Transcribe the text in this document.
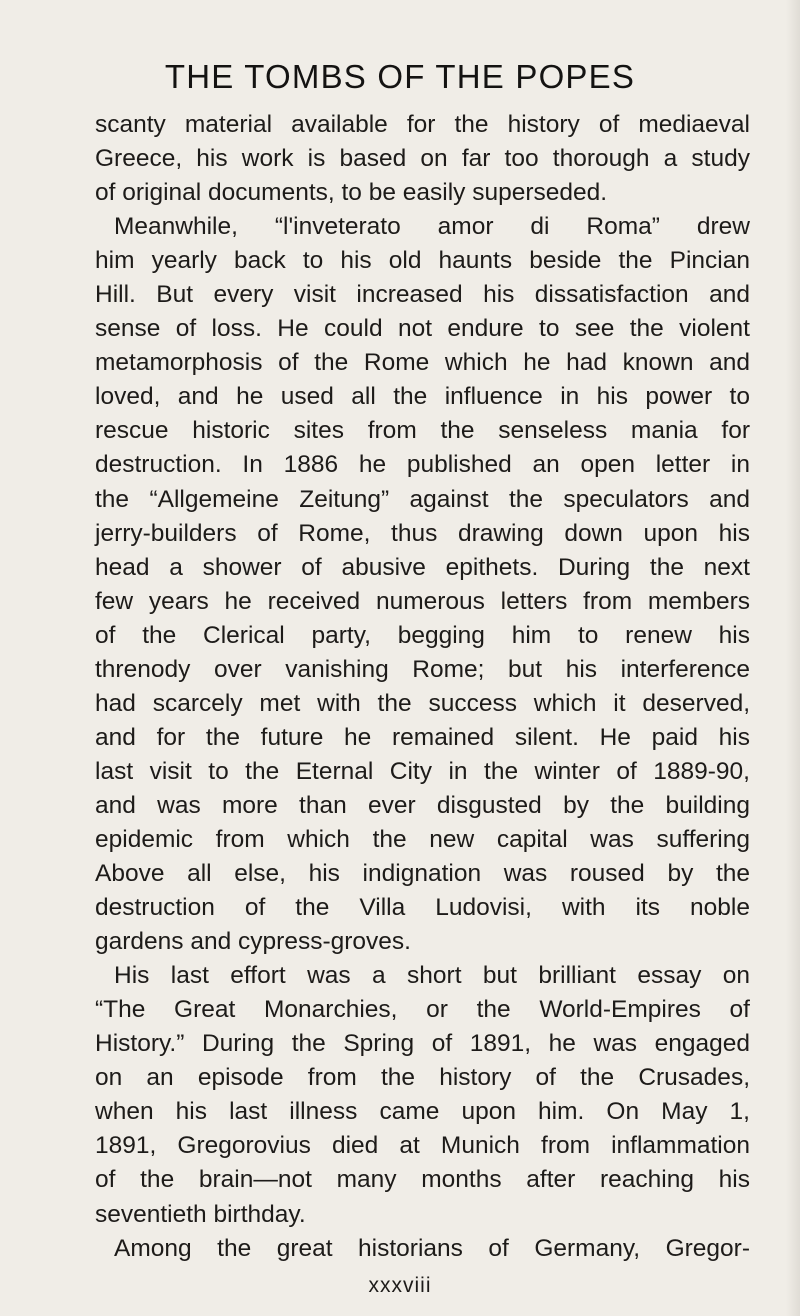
THE TOMBS OF THE POPES
scanty material available for the history of mediaeval
Greece, his work is based on far too thorough a study
of original documents, to be easily superseded.
Meanwhile, “l'inveterato amor di Roma” drew
him yearly back to his old haunts beside the Pincian
Hill. But every visit increased his dissatisfaction and
sense of loss. He could not endure to see the violent
metamorphosis of the Rome which he had known and
loved, and he used all the influence in his power to
rescue historic sites from the senseless mania for
destruction. In 1886 he published an open letter in
the “Allgemeine Zeitung” against the speculators and
jerry-builders of Rome, thus drawing down upon his
head a shower of abusive epithets. During the next
few years he received numerous letters from members
of the Clerical party, begging him to renew his
threnody over vanishing Rome; but his interference
had scarcely met with the success which it deserved,
and for the future he remained silent. He paid his
last visit to the Eternal City in the winter of 1889-90,
and was more than ever disgusted by the building
epidemic from which the new capital was suffering
Above all else, his indignation was roused by the
destruction of the Villa Ludovisi, with its noble
gardens and cypress-groves.
His last effort was a short but brilliant essay on
“The Great Monarchies, or the World-Empires of
History.” During the Spring of 1891, he was engaged
on an episode from the history of the Crusades,
when his last illness came upon him. On May 1,
1891, Gregorovius died at Munich from inflammation
of the brain—not many months after reaching his
seventieth birthday.
Among the great historians of Germany, Gregor-
xxxviii
